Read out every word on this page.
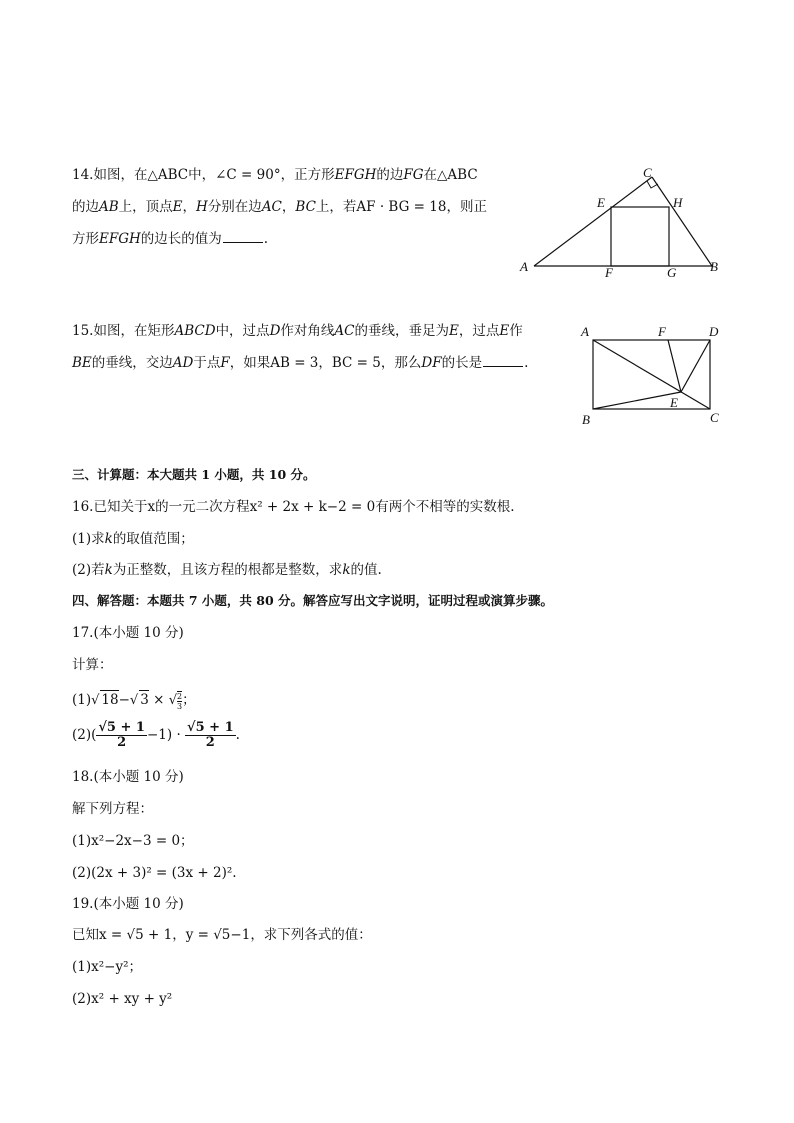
14.如图，在△ABC中，∠C = 90°，正方形EFGH的边FG在△ABC
的边AB上，顶点E，H分别在边AC，BC上，若AF · BG = 18，则正
方形EFGH的边长的值为	.
C
E	H
A	F	G	B
15.如图，在矩形ABCD中，过点D作对角线AC的垂线，垂足为E，过点E作
BE的垂线，交边AD于点F，如果AB = 3，BC = 5，那么DF的长是	.
A	F	D
E
B	C
三、计算题：本大题共 1 小题，共 10 分。
16.已知关于x的一元二次方程x² + 2x + k−2 = 0有两个不相等的实数根.
(1)求k的取值范围；
(2)若k为正整数，且该方程的根都是整数，求k的值.
四、解答题：本题共 7 小题，共 80 分。解答应写出文字说明，证明过程或演算步骤。
17.(本小题 10 分)
计算：
(1)√ 18−√ 3 × √ $\frac{2}{3}$ ；
$(2)( \frac{√5 + 1}{2} -1) \cdot \frac{√5 + 1}{2}$ .
18.(本小题 10 分)
解下列方程：
(1)x²−2x−3 = 0；
(2)(2x + 3)² = (3x + 2)².
19.(本小题 10 分)
已知x = √5 + 1，y = √5−1，求下列各式的值：
(1)x²−y²；
(2)x² + xy + y²
